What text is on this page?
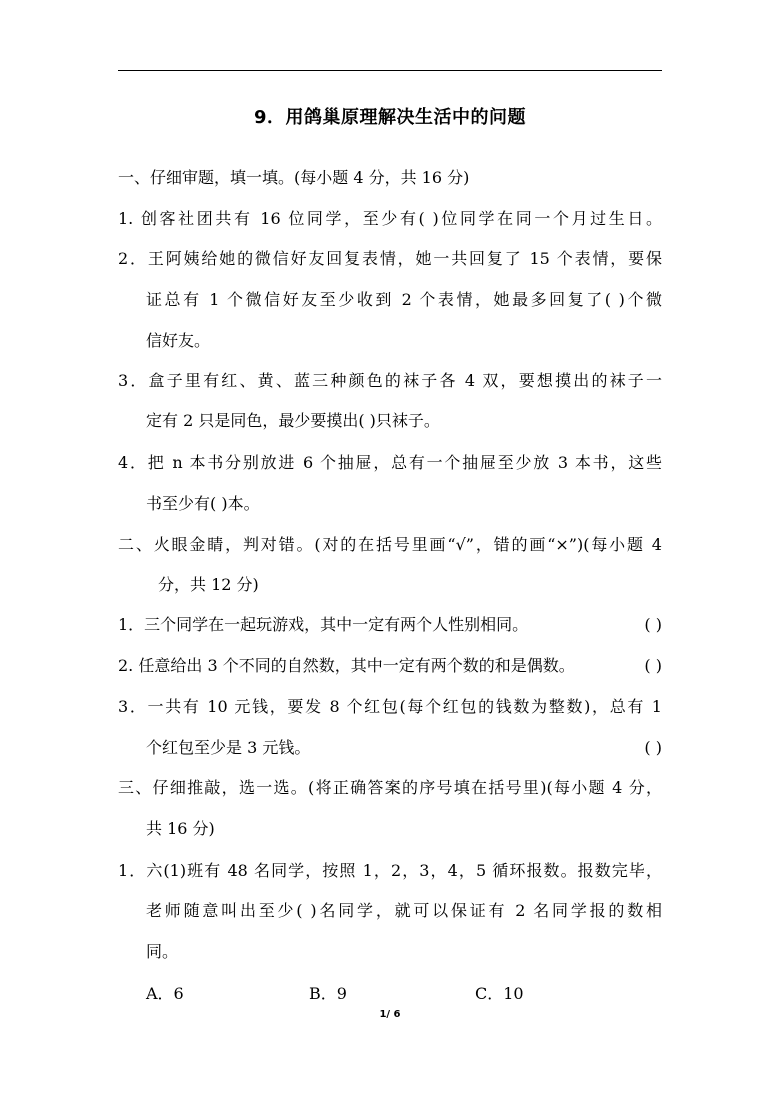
9．用鸽巢原理解决生活中的问题
一、仔细审题，填一填。(每小题 4 分，共 16 分)
1. 创客社团共有 16 位同学，至少有( )位同学在同一个月过生日。
2．王阿姨给她的微信好友回复表情，她一共回复了 15 个表情，要保
证总有 1 个微信好友至少收到 2 个表情，她最多回复了( )个微
信好友。
3．盒子里有红、黄、蓝三种颜色的袜子各 4 双，要想摸出的袜子一
定有 2 只是同色，最少要摸出( )只袜子。
4．把 n 本书分别放进 6 个抽屉，总有一个抽屉至少放 3 本书，这些
书至少有( )本。
二、火眼金睛，判对错。(对的在括号里画“√”，错的画“×”)(每小题 4
分，共 12 分)
1．三个同学在一起玩游戏，其中一定有两个人性别相同。	( )
2. 任意给出 3 个不同的自然数，其中一定有两个数的和是偶数。	( )
3．一共有 10 元钱，要发 8 个红包(每个红包的钱数为整数)，总有 1
个红包至少是 3 元钱。	( )
三、仔细推敲，选一选。(将正确答案的序号填在括号里)(每小题 4 分，
共 16 分)
1．六(1)班有 48 名同学，按照 1，2，3，4，5 循环报数。报数完毕，
老师随意叫出至少( )名同学，就可以保证有 2 名同学报的数相
同。
A．6	B．9	C．10
1/ 6
